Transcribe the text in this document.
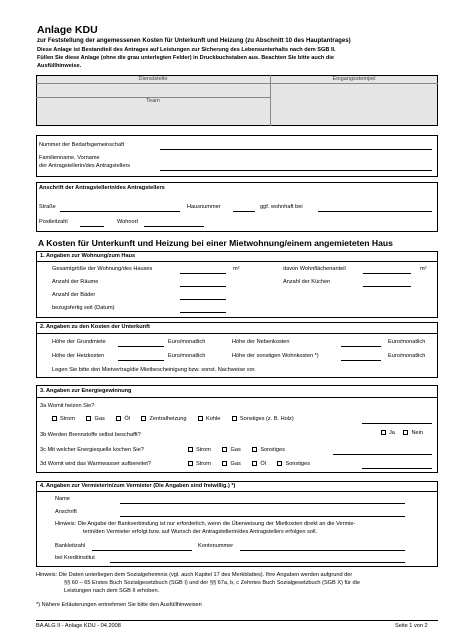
Anlage KDU
zur Feststellung der angemessenen Kosten für Unterkunft und Heizung (zu Abschnitt 10 des Hauptantrages)
Diese Anlage ist Bestandteil des Antrages auf Leistungen zur Sicherung des Lebensunterhalts nach dem SGB II.
Füllen Sie diese Anlage (ohne die grau unterlegten Felder) in Druckbuchstaben aus. Beachten Sie bitte auch die
Ausfüllhinweise.
Dienststelle	Eingangsstempel
Team
Nummer der Bedarfsgemeinschaft
Familienname, Vorname
der Antragstellerin/des Antragstellers
Anschrift der Antragstellerin/des Antragstellers
Straße	Hausnummer	ggf. wohnhaft bei
Postleitzahl	Wohnort
A Kosten für Unterkunft und Heizung bei einer Mietwohnung/einem angemieteten Haus
1. Angaben zur Wohnung/zum Haus
Gesamtgröße der Wohnung/des Hauses	m²	davon Wohnflächenanteil	m²
Anzahl der Räume	Anzahl der Küchen
Anzahl der Bäder
bezugsfertig seit (Datum)
2. Angaben zu den Kosten der Unterkunft
Höhe der Grundmiete	Euro/monatlich	Höhe der Nebenkosten	Euro/monatlich
Höhe der Heizkosten	Euro/monatlich	Höhe der sonstigen Wohnkosten *)	Euro/monatlich
Legen Sie bitte den Mietvertrag/die Mietbescheinigung bzw. sonst. Nachweise vor.
3. Angaben zur Energiegewinnung
3a Womit heizen Sie?
Strom	Gas	Öl	Zentralheizung	Kohle	Sonstiges (z. B. Holz)
3b Werden Brennstoffe selbst beschafft?	Ja	Nein
3c Mit welcher Energiequelle kochen Sie?	Strom	Gas	Sonstiges
3d Womit wird das Warmwasser aufbereitet?	Strom	Gas	Öl	Sonstiges
4. Angaben zur Vermieterin/zum Vermieter (Die Angaben sind freiwillig.) *)
Name
Anschrift
Hinweis: Die Angabe der Bankverbindung ist nur erforderlich, wenn die Überweisung der Mietkosten direkt an die Vermie-
terin/den Vermieter erfolgt bzw. auf Wunsch der Antragstellerin/des Antragstellers erfolgen soll.
Bankleitzahl	Kontonummer
bei Kreditinstitut
Hinweis: Die Daten unterliegen dem Sozialgeheimnis (vgl. auch Kapitel 17 des Merkblattes). Ihre Angaben werden aufgrund der
§§ 60 – 65 Erstes Buch Sozialgesetzbuch (SGB I) und der §§ 67a, b, c Zehntes Buch Sozialgesetzbuch (SGB X) für die
Leistungen nach dem SGB II erhoben.
*) Nähere Erläuterungen entnehmen Sie bitte den Ausfüllhinweisen
BA ALG II - Anlage KDU - 04.2008	Seite 1 von 2
